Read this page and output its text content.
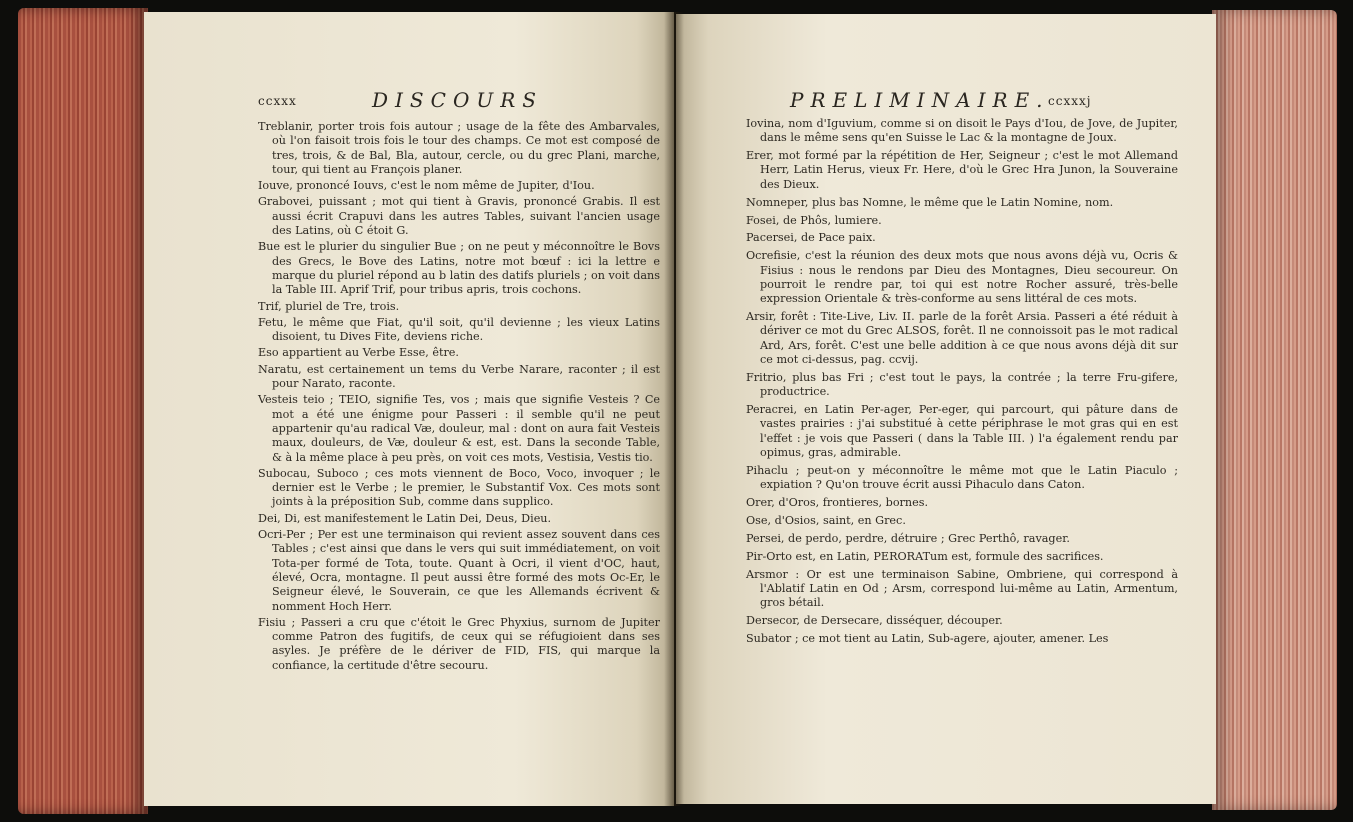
ccxxx	DISCOURS	PRELIMINAIRE.
ccxxxj

Treblanir, porter trois fois autour ; usage de la fête des Ambarvales, où l'on faisoit trois fois le tour des champs. Ce mot est composé de tres, trois, & de Bal, Bla, autour, cercle, ou du grec Plani, marche, tour, qui tient au François planer.

Iouve, prononcé Iouvs, c'est le nom même de Jupiter, d'Iou.

Grabovei, puissant ; mot qui tient à Gravis, prononcé Grabis. Il est aussi écrit Crapuvi dans les autres Tables, suivant l'ancien usage des Latins, où C étoit G.

Bue est le plurier du singulier Bue ; on ne peut y méconnoître le Bovs des Grecs, le Bove des Latins, notre mot bœuf : ici la lettre e marque du pluriel répond au b latin des datifs pluriels ; on voit dans la Table III. Aprif Trif, pour tribus apris, trois cochons.

Trif, pluriel de Tre, trois.

Fetu, le même que Fiat, qu'il soit, qu'il devienne ; les vieux Latins disoient, tu Dives Fite, deviens riche.

Eso appartient au Verbe Esse, être.

Naratu, est certainement un tems du Verbe Narare, raconter ; il est pour Narato, raconte.

Vesteis teio ; TEIO, signifie Tes, vos ; mais que signifie Vesteis ? Ce mot a été une énigme pour Passeri : il semble qu'il ne peut appartenir qu'au radical Væ, douleur, mal : dont on aura fait Vesteis maux, douleurs, de Væ, douleur & est, est. Dans la seconde Table, & à la même place à peu près, on voit ces mots, Vestisia, Vestis tio.

Subocau, Suboco ; ces mots viennent de Boco, Voco, invoquer ; le dernier est le Verbe ; le premier, le Substantif Vox. Ces mots sont joints à la préposition Sub, comme dans supplico.

Dei, Di, est manifestement le Latin Dei, Deus, Dieu.

Ocri-Per ; Per est une terminaison qui revient assez souvent dans ces Tables ; c'est ainsi que dans le vers qui suit immédiatement, on voit Tota-per formé de Tota, toute. Quant à Ocri, il vient d'OC, haut, élevé, Ocra, montagne. Il peut aussi être formé des mots Oc-Er, le Seigneur élevé, le Souverain, ce que les Allemands écrivent & nomment Hoch Herr.

Fisiu ; Passeri a cru que c'étoit le Grec Phyxius, surnom de Jupiter comme Patron des fugitifs, de ceux qui se réfugioient dans ses asyles. Je préfère de le dériver de FID, FIS, qui marque la confiance, la certitude d'être secouru.

Iovina, nom d'Iguvium, comme si on disoit le Pays d'Iou, de Jove, de Jupiter, dans le même sens qu'en Suisse le Lac & la montagne de Joux.

Erer, mot formé par la répétition de Her, Seigneur ; c'est le mot Allemand Herr, Latin Herus, vieux Fr. Here, d'où le Grec Hra Junon, la Souveraine des Dieux.

Nomneper, plus bas Nomne, le même que le Latin Nomine, nom.

Fosei, de Phôs, lumiere.

Pacersei, de Pace paix.

Ocrefisie, c'est la réunion des deux mots que nous avons déjà vu, Ocris & Fisius : nous le rendons par Dieu des Montagnes, Dieu secoureur. On pourroit le rendre par, toi qui est notre Rocher assuré, très-belle expression Orientale & très-conforme au sens littéral de ces mots.

Arsir, forêt : Tite-Live, Liv. II. parle de la forêt Arsia. Passeri a été réduit à dériver ce mot du Grec ALSOS, forêt. Il ne connoissoit pas le mot radical Ard, Ars, forêt. C'est une belle addition à ce que nous avons déjà dit sur ce mot ci-dessus, pag. ccvij.

Fritrio, plus bas Fri ; c'est tout le pays, la contrée ; la terre Fru-gifere, productrice.

Peracrei, en Latin Per-ager, Per-eger, qui parcourt, qui pâture dans de vastes prairies : j'ai substitué à cette périphrase le mot gras qui en est l'effet : je vois que Passeri ( dans la Table III. ) l'a également rendu par opimus, gras, admirable.

Pihaclu ; peut-on y méconnoître le même mot que le Latin Piaculo ; expiation ? Qu'on trouve écrit aussi Pihaculo dans Caton.

Orer, d'Oros, frontieres, bornes.

Ose, d'Osios, saint, en Grec.

Persei, de perdo, perdre, détruire ; Grec Perthô, ravager.

Pir-Orto est, en Latin, PERORATum est, formule des sacrifices.

Arsmor : Or est une terminaison Sabine, Ombriene, qui correspond à l'Ablatif Latin en Od ; Arsm, correspond lui-même au Latin, Armentum, gros bétail.

Dersecor, de Dersecare, disséquer, découper.

Subator ; ce mot tient au Latin, Sub-agere, ajouter, amener. Les
